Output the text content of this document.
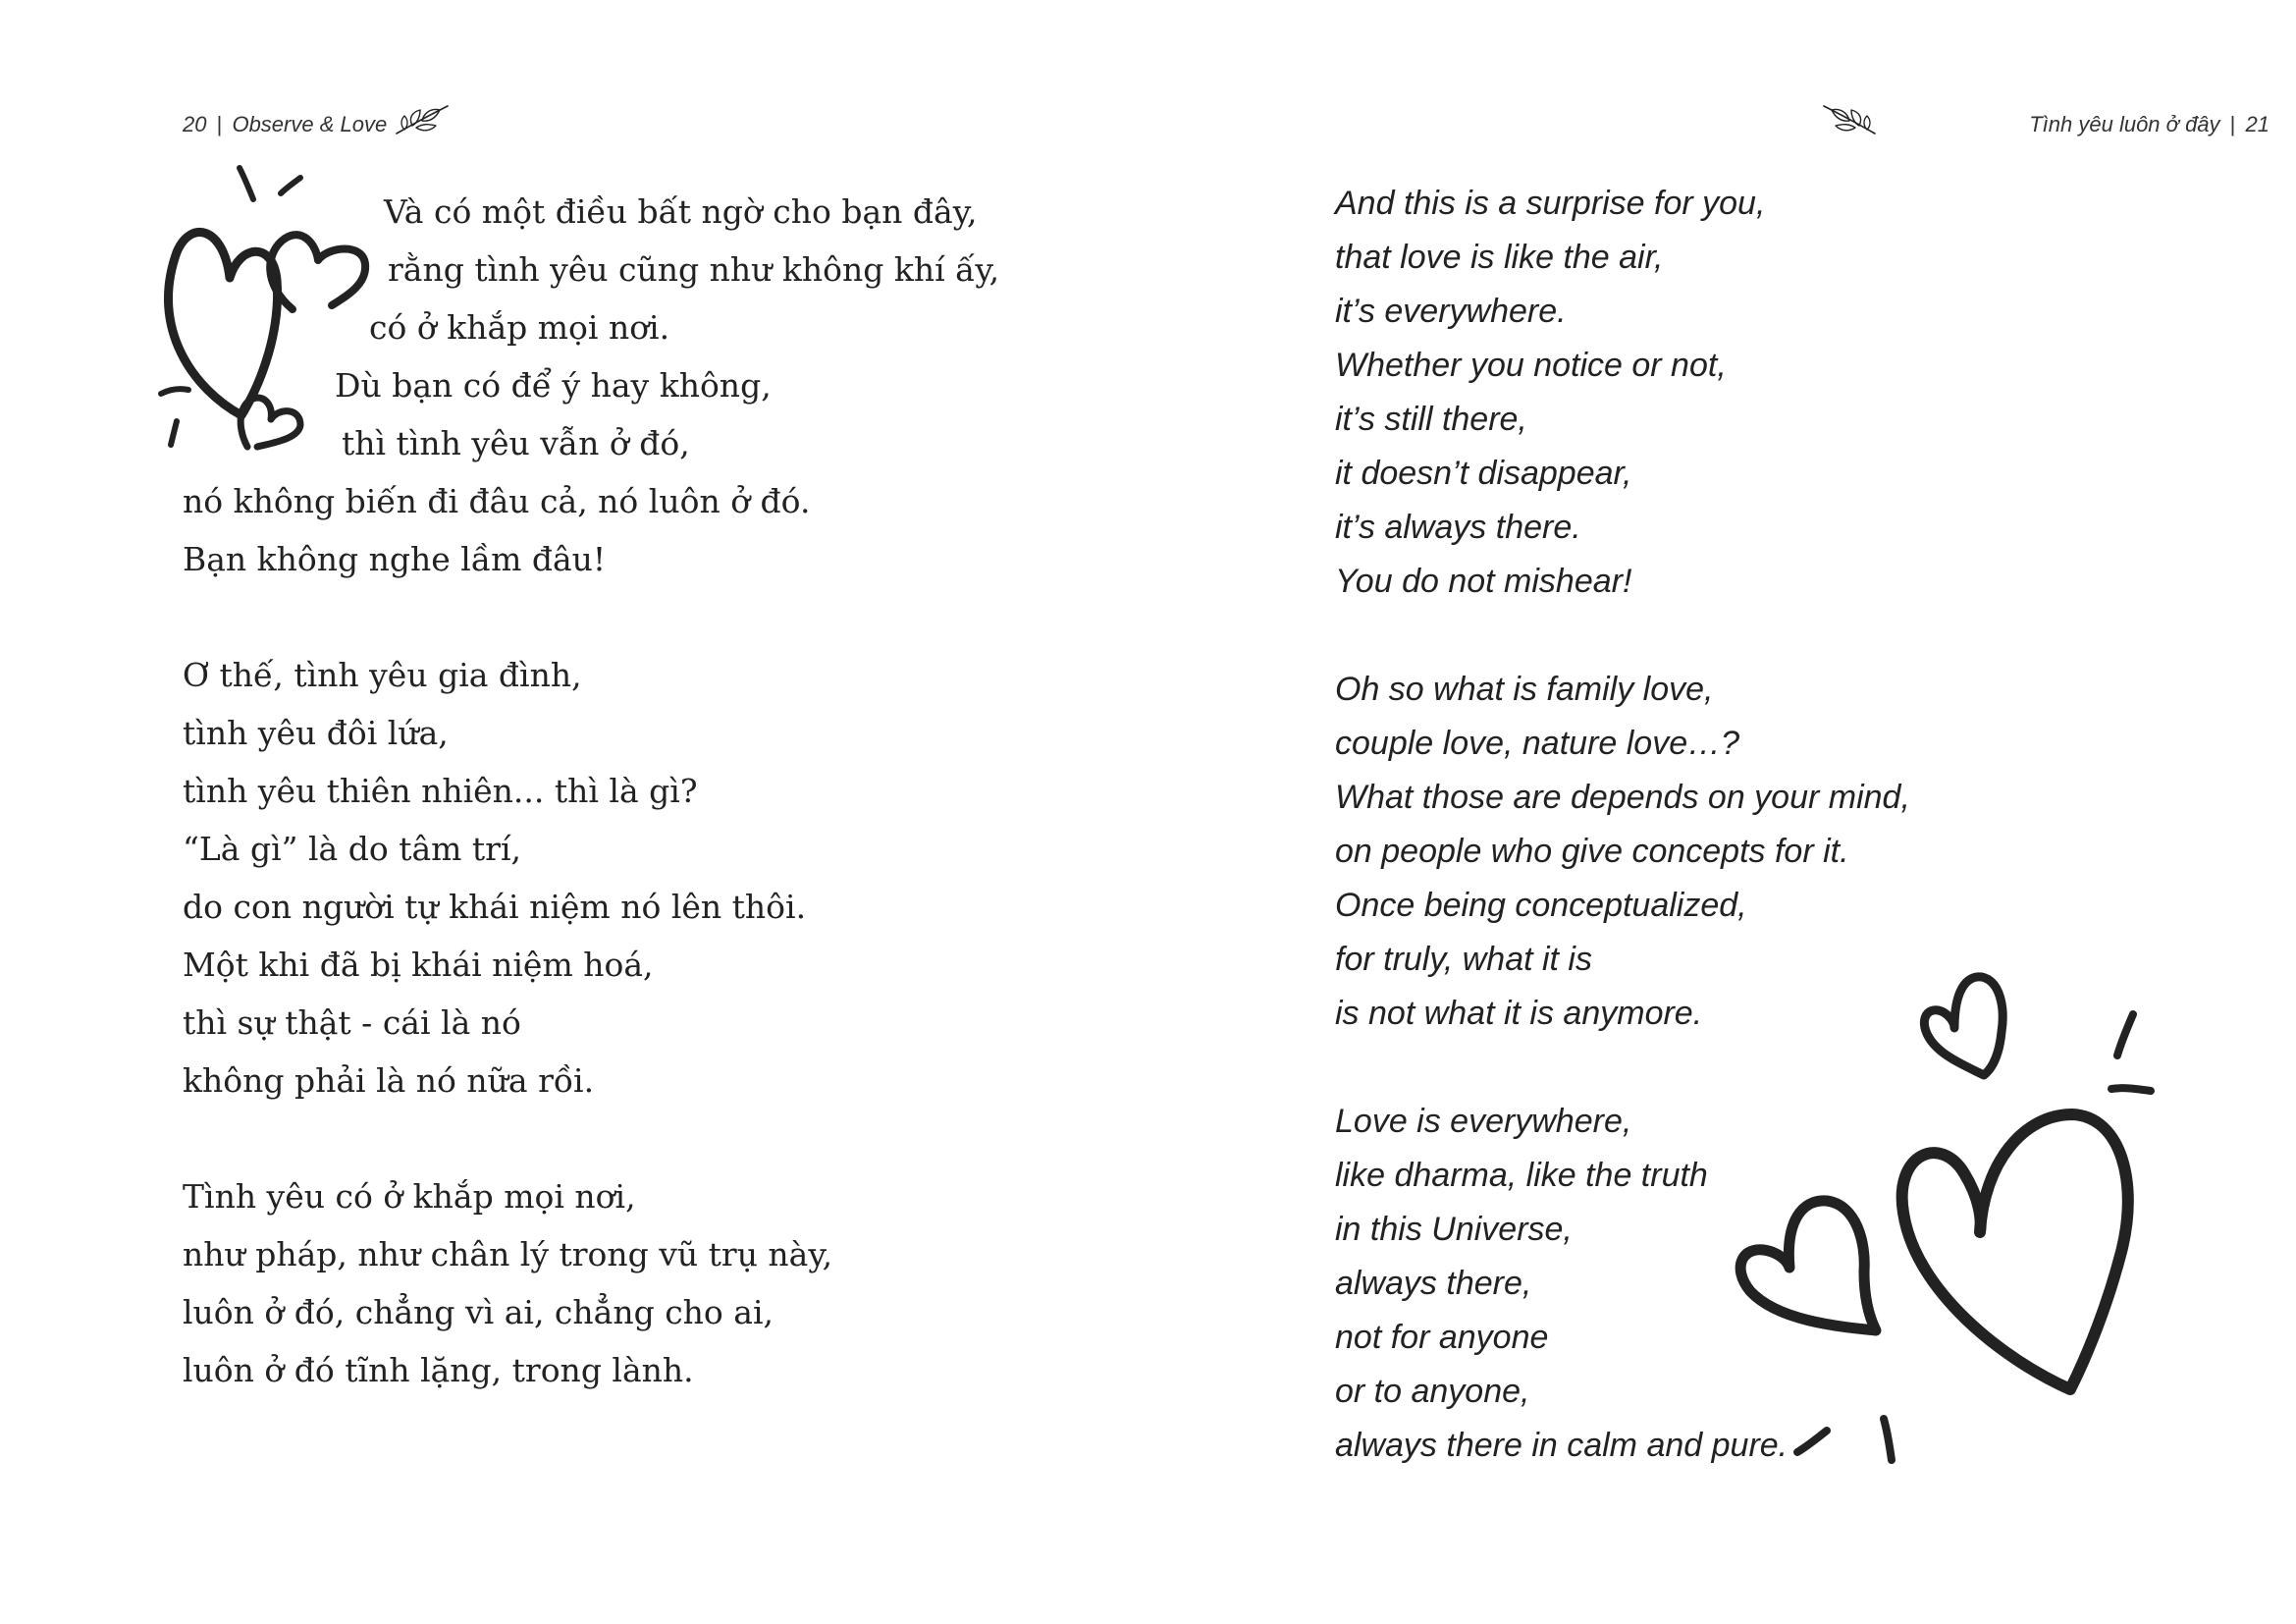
20 | Observe & Love
Và có một điều bất ngờ cho bạn đây,
rằng tình yêu cũng như không khí ấy,
có ở khắp mọi nơi.
Dù bạn có để ý hay không,
thì tình yêu vẫn ở đó,
nó không biến đi đâu cả, nó luôn ở đó.
Bạn không nghe lầm đâu!

Ơ thế, tình yêu gia đình,
tình yêu đôi lứa,
tình yêu thiên nhiên... thì là gì?
“Là gì” là do tâm trí,
do con người tự khái niệm nó lên thôi.
Một khi đã bị khái niệm hoá,
thì sự thật - cái là nó
không phải là nó nữa rồi.

Tình yêu có ở khắp mọi nơi,
như pháp, như chân lý trong vũ trụ này,
luôn ở đó, chẳng vì ai, chẳng cho ai,
luôn ở đó tĩnh lặng, trong lành.
Tình yêu luôn ở đây | 21
And this is a surprise for you,
that love is like the air,
it’s everywhere.
Whether you notice or not,
it’s still there,
it doesn’t disappear,
it’s always there.
You do not mishear!

Oh so what is family love,
couple love, nature love…?
What those are depends on your mind,
on people who give concepts for it.
Once being conceptualized,
for truly, what it is
is not what it is anymore.

Love is everywhere,
like dharma, like the truth
in this Universe,
always there,
not for anyone
or to anyone,
always there in calm and pure.
